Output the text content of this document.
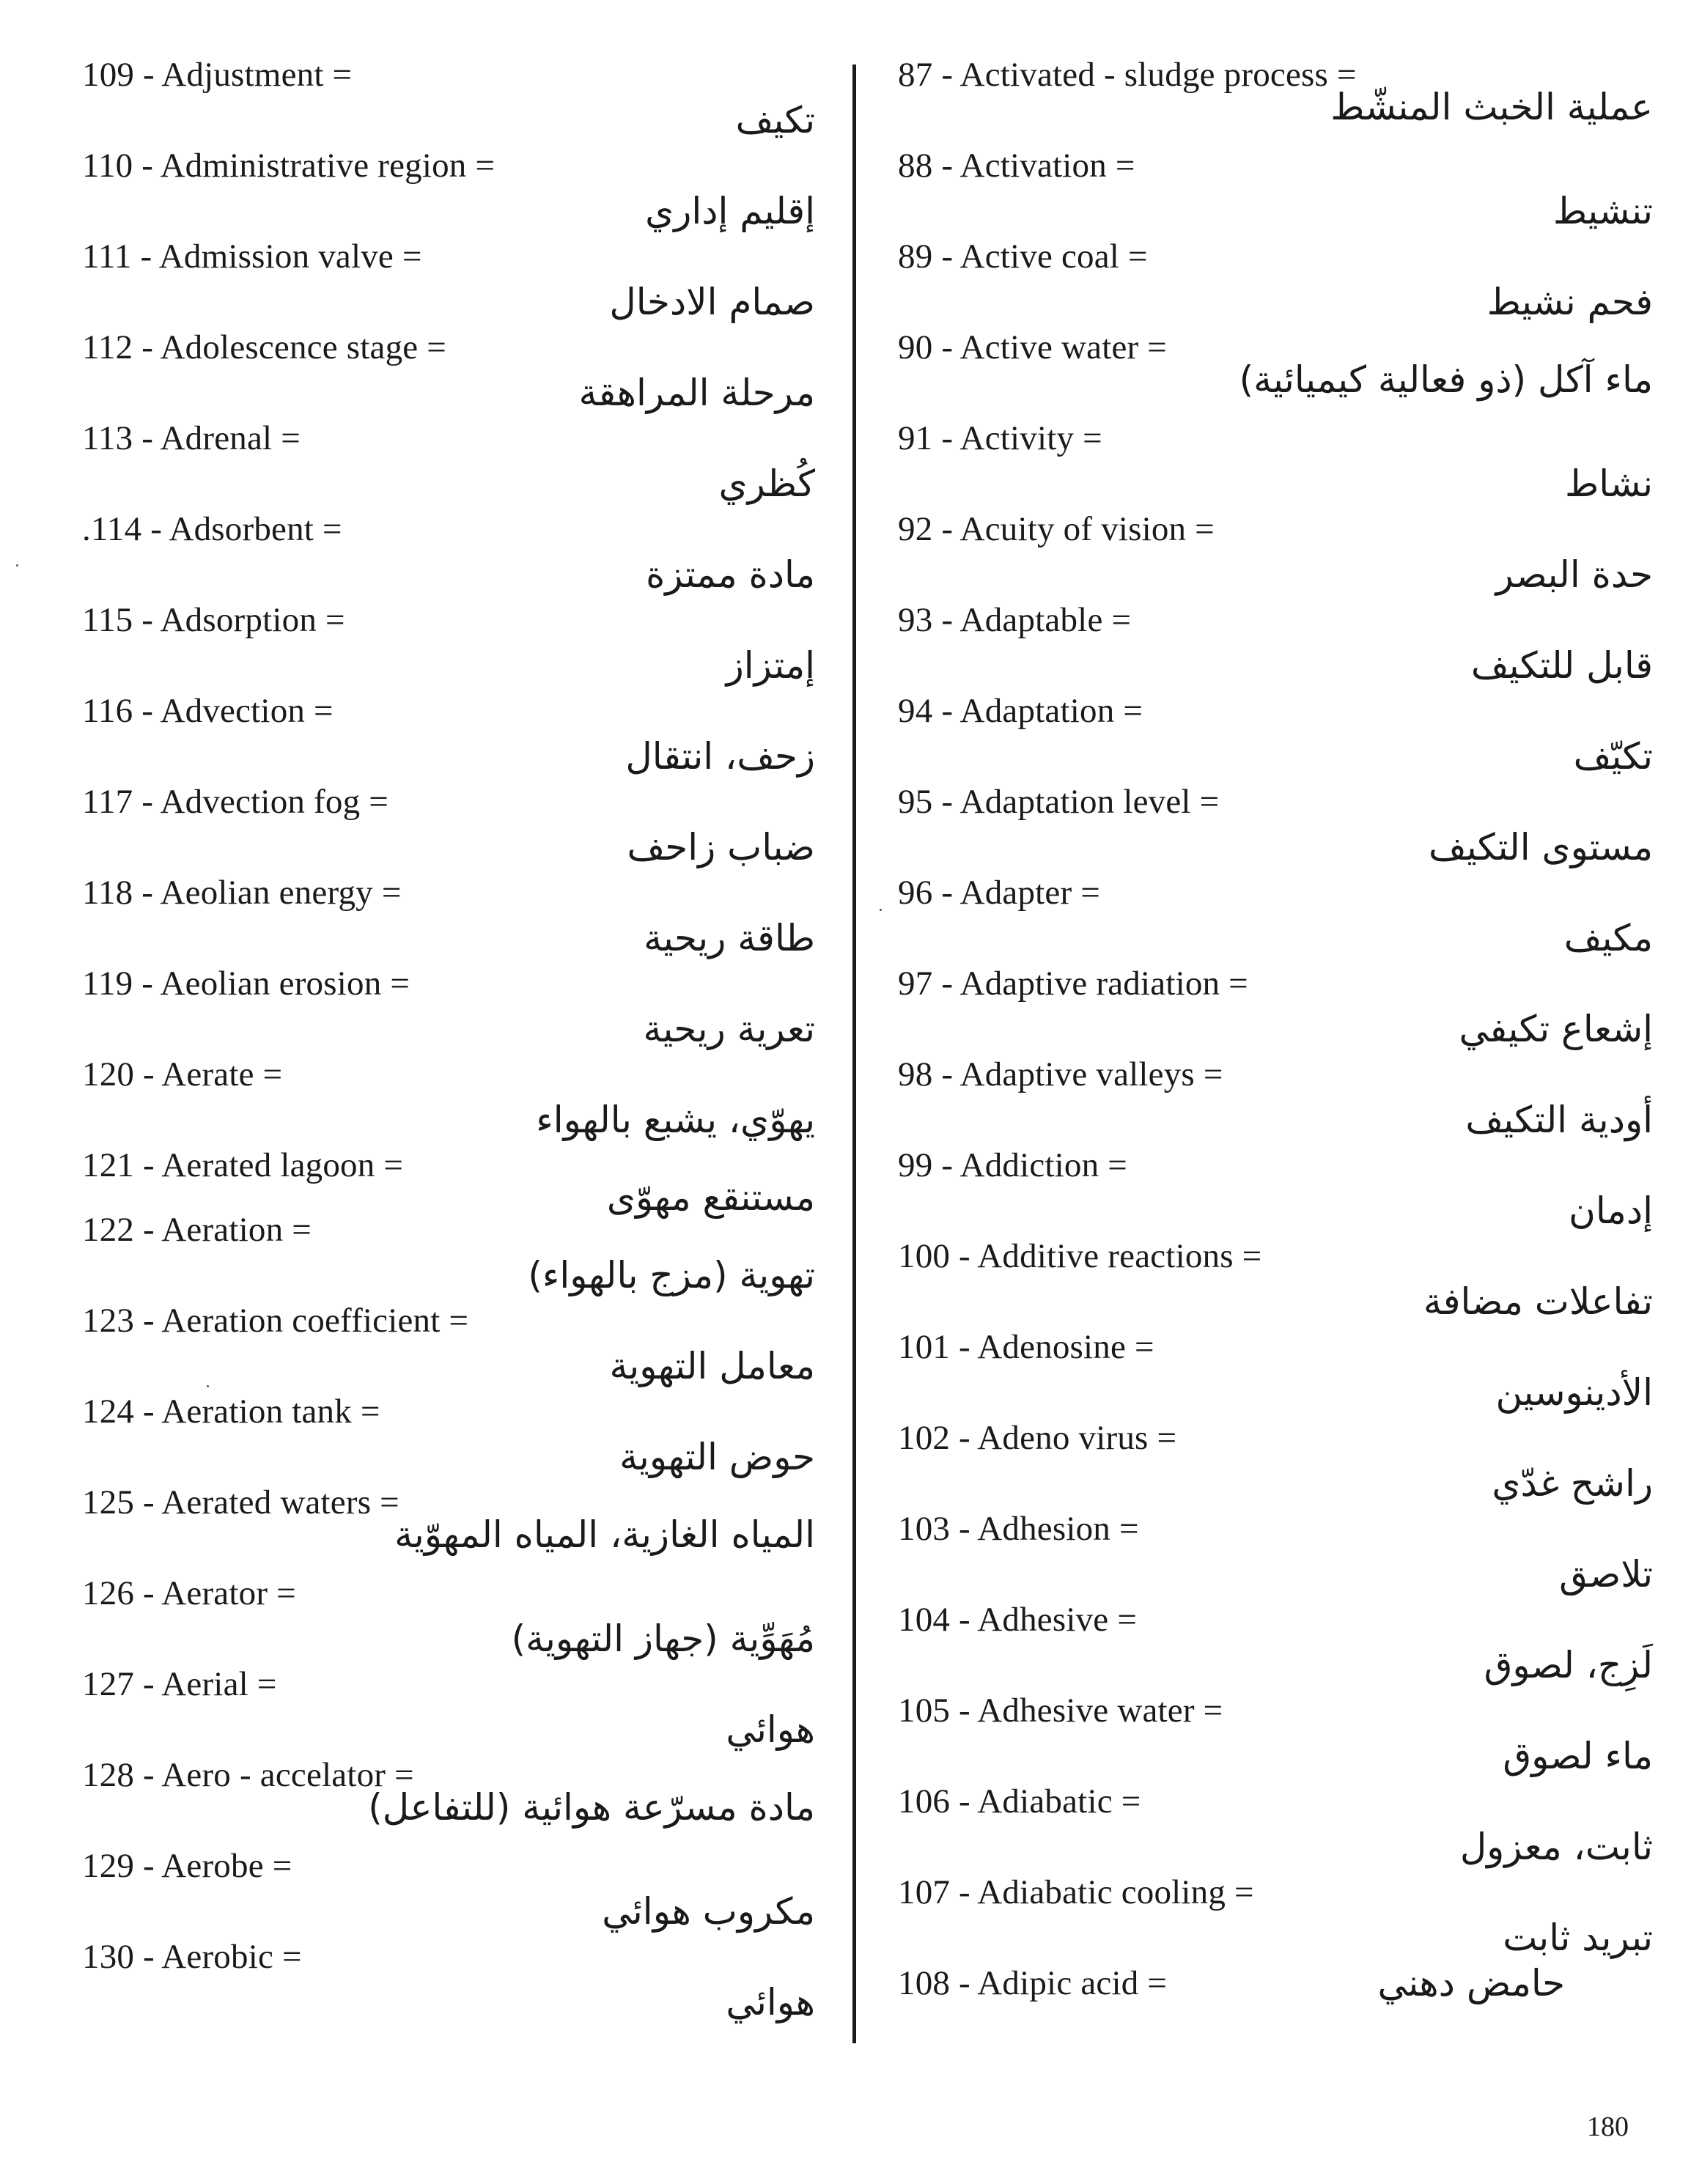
109 - Adjustment =
تكيف
110 - Administrative region =
إقليم إداري
111 - Admission valve =
صمام الادخال
112 - Adolescence stage =
مرحلة المراهقة
113 - Adrenal =
كُظري
.114 - Adsorbent =
مادة ممتزة
115 - Adsorption =
إمتزاز
116 - Advection =
زحف، انتقال
117 - Advection fog =
ضباب زاحف
118 - Aeolian energy =
طاقة ريحية
119 - Aeolian erosion =
تعرية ريحية
120 - Aerate =
يهوّي، يشبع بالهواء
121 - Aerated lagoon =
مستنقع مهوّى
122 - Aeration =
تهوية (مزج بالهواء)
123 - Aeration coefficient =
معامل التهوية
124 - Aeration tank =
حوض التهوية
125 - Aerated waters =
المياه الغازية، المياه المهوّية
126 - Aerator =
مُهَوِّية (جهاز التهوية)
127 - Aerial =
هوائي
128 - Aero - accelator =
مادة مسرّعة هوائية (للتفاعل)
129 - Aerobe =
مكروب هوائي
130 - Aerobic =
هوائي
87 - Activated - sludge process =
عملية الخبث المنشّط
88 - Activation =
تنشيط
89 - Active coal =
فحم نشيط
90 - Active water =
ماء آكل (ذو فعالية كيميائية)
91 - Activity =
نشاط
92 - Acuity of vision =
حدة البصر
93 - Adaptable =
قابل للتكيف
94 - Adaptation =
تكيّف
95 - Adaptation level =
مستوى التكيف
96 - Adapter =
مكيف
97 - Adaptive radiation =
إشعاع تكيفي
98 - Adaptive valleys =
أودية التكيف
99 - Addiction =
إدمان
100 - Additive reactions =
تفاعلات مضافة
101 - Adenosine =
الأدينوسين
102 - Adeno virus =
راشح غدّي
103 - Adhesion =
تلاصق
104 - Adhesive =
لَزِج، لصوق
105 - Adhesive water =
ماء لصوق
106 - Adiabatic =
ثابت، معزول
107 - Adiabatic cooling =
تبريد ثابت
108 - Adipic acid =	حامض دهني
180
